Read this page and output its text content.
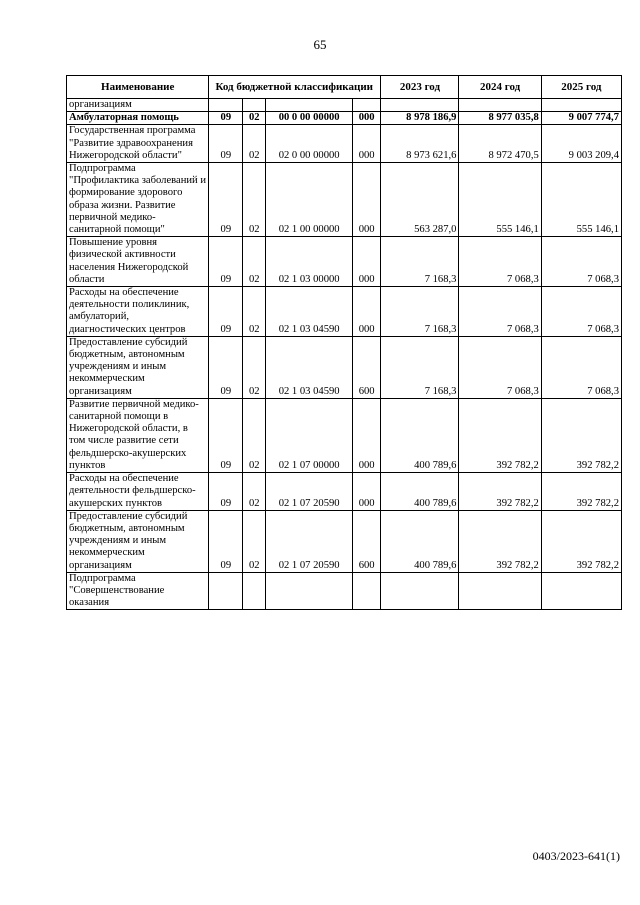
65
Наименование	Код бюджетной классификации				2023 год	2024 год	2025 год
организациям							
Амбулаторная помощь	09	02	00 0 00 00000	000	8 978 186,9	8 977 035,8	9 007 774,7
Государственная программа "Развитие здравоохранения Нижегородской области"	09	02	02 0 00 00000	000	8 973 621,6	8 972 470,5	9 003 209,4
Подпрограмма "Профилактика заболеваний и формирование здорового образа жизни. Развитие первичной медико-санитарной помощи"	09	02	02 1 00 00000	000	563 287,0	555 146,1	555 146,1
Повышение уровня физической активности населения Нижегородской области	09	02	02 1 03 00000	000	7 168,3	7 068,3	7 068,3
Расходы на обеспечение деятельности поликлиник, амбулаторий, диагностических центров	09	02	02 1 03 04590	000	7 168,3	7 068,3	7 068,3
Предоставление субсидий бюджетным, автономным учреждениям и иным некоммерческим организациям	09	02	02 1 03 04590	600	7 168,3	7 068,3	7 068,3
Развитие первичной медико-санитарной помощи в Нижегородской области, в том числе развитие сети фельдшерско-акушерских пунктов	09	02	02 1 07 00000	000	400 789,6	392 782,2	392 782,2
Расходы на обеспечение деятельности фельдшерско-акушерских пунктов	09	02	02 1 07 20590	000	400 789,6	392 782,2	392 782,2
Предоставление субсидий бюджетным, автономным учреждениям и иным некоммерческим организациям	09	02	02 1 07 20590	600	400 789,6	392 782,2	392 782,2
Подпрограмма "Совершенствование оказания							
0403/2023-641(1)
